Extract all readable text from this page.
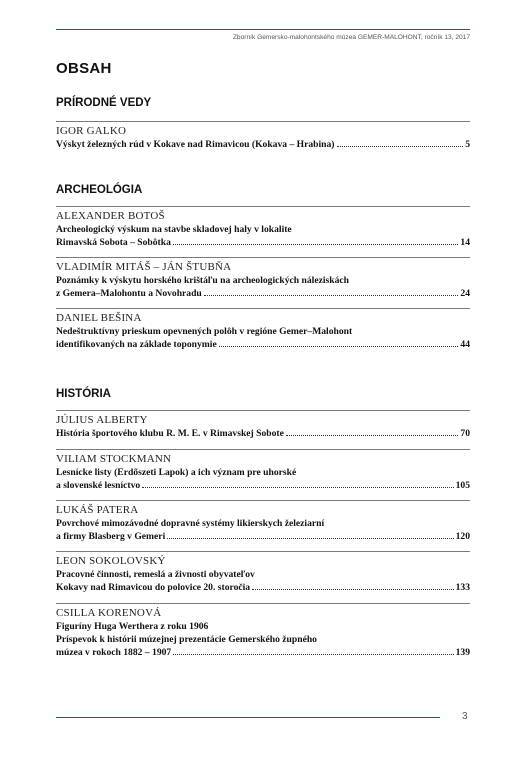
Zborník Gemersko-malohontského múzea GEMER-MALOHONT, ročník 13, 2017
OBSAH
PRÍRODNÉ VEDY
IGOR GALKO
Výskyt železných rúd v Kokave nad Rimavicou (Kokava – Hrabina)	5
ARCHEOLÓGIA
ALEXANDER BOTOŠ
Archeologický výskum na stavbe skladovej haly v lokalite
Rimavská Sobota – Sobôtka	14
VLADIMÍR MITÁŠ – JÁN ŠTUBŇA
Poznámky k výskytu horského krištáľu na archeologických náleziskách
z Gemera–Malohontu a Novohradu	24
DANIEL BEŠINA
Nedeštruktívny prieskum opevnených polôh v regióne Gemer–Malohont
identifikovaných na základe toponymie	44
HISTÓRIA
JÚLIUS ALBERTY
História športového klubu R. M. E. v Rimavskej Sobote	70
VILIAM STOCKMANN
Lesnícke listy (Erdőszeti Lapok) a ich význam pre uhorské
a slovenské lesníctvo	105
LUKÁŠ PATERA
Povrchové mimozávodné dopravné systémy likierskych železiarní
a firmy Blasberg v Gemeri	120
LEON SOKOLOVSKÝ
Pracovné činnosti, remeslá a živnosti obyvateľov
Kokavy nad Rimavicou do polovice 20. storočia	133
CSILLA KORENOVÁ
Figuríny Huga Werthera z roku 1906
Príspevok k histórii múzejnej prezentácie Gemerského župného
múzea v rokoch 1882 – 1907	139
3
